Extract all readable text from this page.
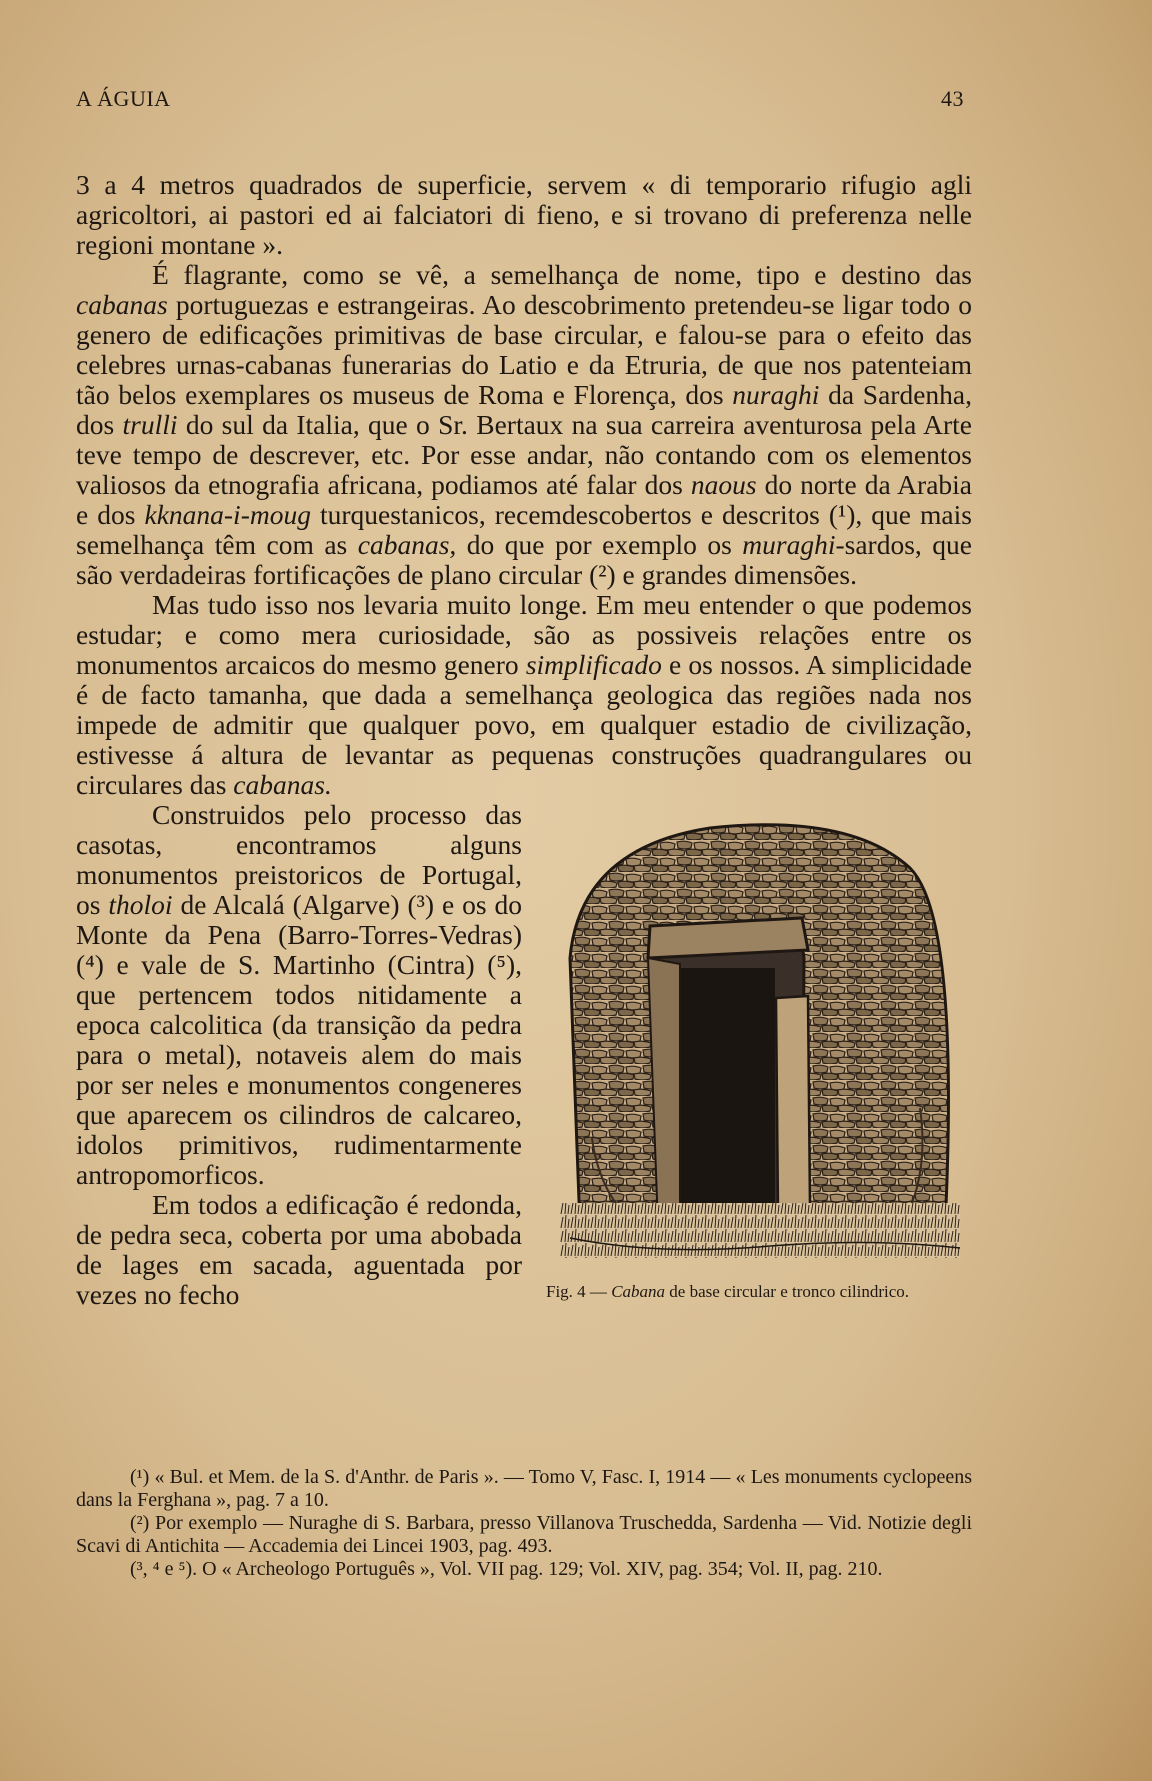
A ÁGUIA	43

3 a 4 metros quadrados de superficie, servem « di temporario rifugio agli agricoltori, ai pastori ed ai falciatori di fieno, e si trovano di preferenza nelle regioni montane ».

É flagrante, como se vê, a semelhança de nome, tipo e destino das cabanas portuguezas e estrangeiras. Ao descobrimento pretendeu-se ligar todo o genero de edificações primitivas de base circular, e falou-se para o efeito das celebres urnas-cabanas funerarias do Latio e da Etruria, de que nos patenteiam tão belos exemplares os museus de Roma e Florença, dos nuraghi da Sardenha, dos trulli do sul da Italia, que o Sr. Bertaux na sua carreira aventurosa pela Arte teve tempo de descrever, etc. Por esse andar, não contando com os elementos valiosos da etnografia africana, podiamos até falar dos naous do norte da Arabia e dos kknana-i-moug turquestanicos, recemdescobertos e descritos (¹), que mais semelhança têm com as cabanas, do que por exemplo os muraghi-sardos, que são verdadeiras fortificações de plano circular (²) e grandes dimensões.

Mas tudo isso nos levaria muito longe. Em meu entender o que podemos estudar; e como mera curiosidade, são as possiveis relações entre os monumentos arcaicos do mesmo genero simplificado e os nossos. A simplicidade é de facto tamanha, que dada a semelhança geologica das regiões nada nos impede de admitir que qualquer povo, em qualquer estadio de civilização, estivesse á altura de levantar as pequenas construções quadrangulares ou circulares das cabanas.

Fig. 4 — Cabana de base circular e tronco cilindrico.

Construidos pelo processo das casotas, encontramos alguns monumentos preistoricos de Portugal, os tholoi de Alcalá (Algarve) (³) e os do Monte da Pena (Barro-Torres-Vedras) (⁴) e vale de S. Martinho (Cintra) (⁵), que pertencem todos nitidamente a epoca calcolitica (da transição da pedra para o metal), notaveis alem do mais por ser neles e monumentos congeneres que aparecem os cilindros de calcareo, idolos primitivos, rudimentarmente antropomorficos.

Em todos a edificação é redonda, de pedra seca, coberta por uma abobada de lages em sacada, aguentada por vezes no fecho

(¹) « Bul. et Mem. de la S. d'Anthr. de Paris ». — Tomo V, Fasc. I, 1914 — « Les monuments cyclopeens dans la Ferghana », pag. 7 a 10.

(²) Por exemplo — Nuraghe di S. Barbara, presso Villanova Truschedda, Sardenha — Vid. Notizie degli Scavi di Antichita — Accademia dei Lincei 1903, pag. 493.

(³, ⁴ e ⁵). O « Archeologo Português », Vol. VII pag. 129; Vol. XIV, pag. 354; Vol. II, pag. 210.
